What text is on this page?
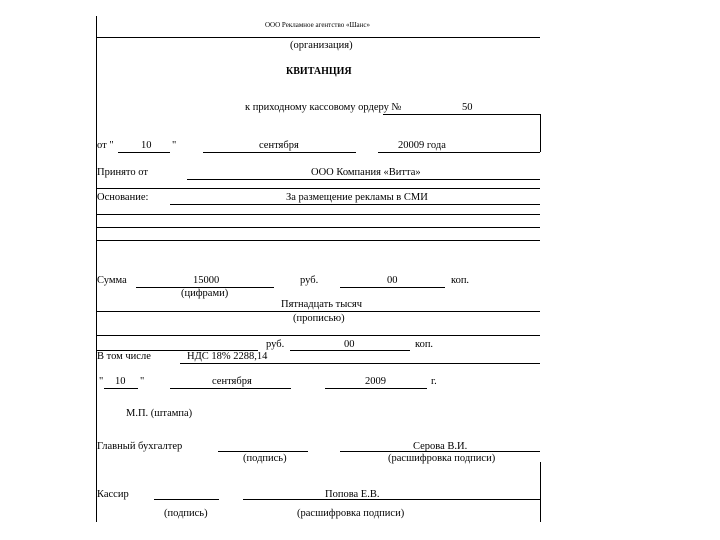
ООО Рекламное агентство «Шанс»
(организация)
КВИТАНЦИЯ
к приходному кассовому ордеру №	50
от "	10 "	сентября	20009 года
Принято от	ООО Компания «Витта»
Основание:	За размещение рекламы в СМИ
Сумма	15000	руб.	00	коп.
(цифрами)
Пятнадцать тысяч
(прописью)
руб.	00	коп.
В том числе	НДС 18% 2288,14
" 10 "	сентября	2009	г.
М.П. (штампа)
Главный бухгалтер
(подпись)
Серова В.И.
(расшифровка подписи)
Кассир
(подпись)
Попова Е.В.
(расшифровка подписи)
